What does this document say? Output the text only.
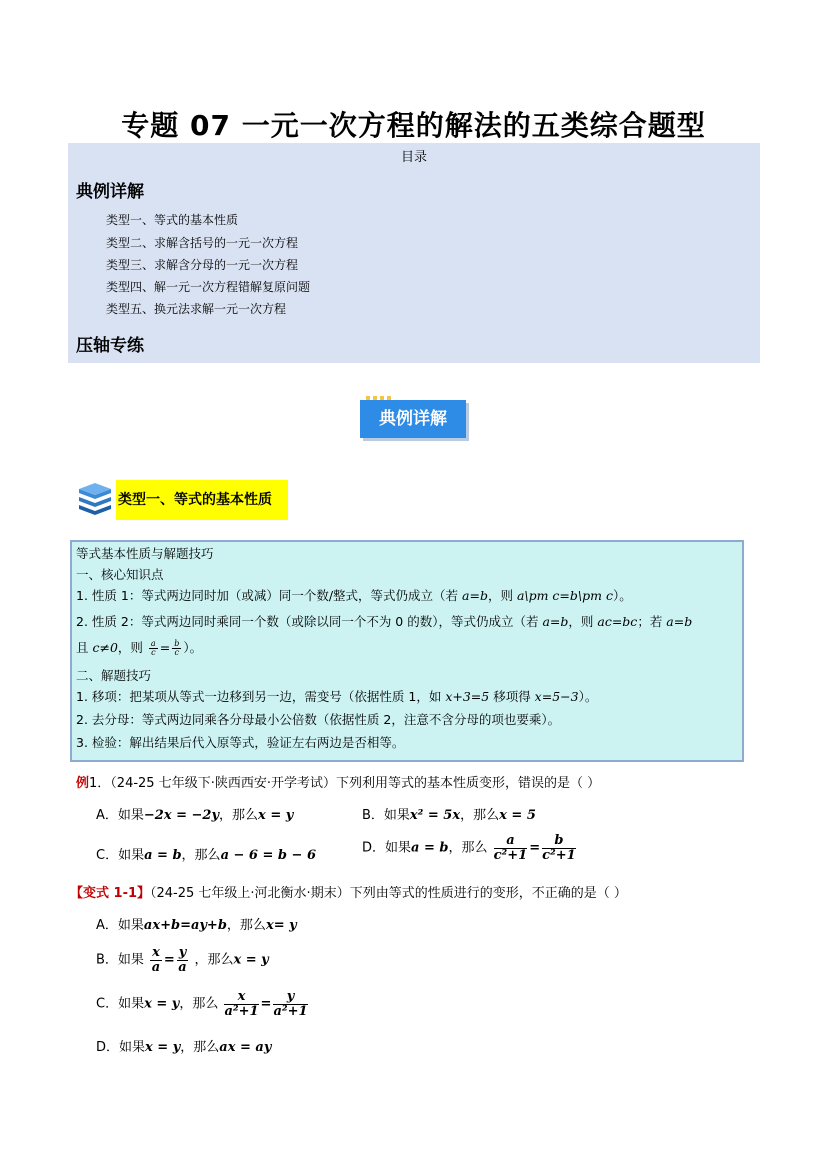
专题 07 一元一次方程的解法的五类综合题型
目录
典例详解
类型一、等式的基本性质
类型二、求解含括号的一元一次方程
类型三、求解含分母的一元一次方程
类型四、解一元一次方程错解复原问题
类型五、换元法求解一元一次方程
压轴专练
典例详解
类型一、等式的基本性质
等式基本性质与解题技巧
一、核心知识点
1. 性质 1：等式两边同时加（或减）同一个数/整式，等式仍成立（若 a=b，则 a\pm c=b\pm c）。
2. 性质 2：等式两边同时乘同一个数（或除以同一个不为 0 的数），等式仍成立（若 a=b，则 ac=bc；若 a=b
且 c≠0，则 $\frac{a}{c} = \frac{b}{c}$ ）。
二、解题技巧
1. 移项：把某项从等式一边移到另一边，需变号（依据性质 1，如 x+3=5 移项得 x=5−3）。
2. 去分母：等式两边同乘各分母最小公倍数（依据性质 2，注意不含分母的项也要乘）。
3. 检验：解出结果后代入原等式，验证左右两边是否相等。
例1．（24-25 七年级下·陕西西安·开学考试）下列利用等式的基本性质变形，错误的是（ ）
A．如果−2x = −2y，那么x = y	B．如果x² = 5x，那么x = 5
C．如果a = b，那么a − 6 = b − 6	D．如果a = b，那么 $\frac{a}{\text{c²+1}} = \frac{b}{\text{c²+1}}$
【变式 1-1】（24-25 七年级上·河北衡水·期末）下列由等式的性质进行的变形，不正确的是（ ）
A．如果ax+b=ay+b，那么x= y
B．如果 $\frac{x}{a} = \frac{y}{a}$ ，那么x = y
C．如果x = y，那么 $\frac{x}{\text{a²+1}} = \frac{y}{\text{a²+1}}$
D．如果x = y，那么ax = ay
